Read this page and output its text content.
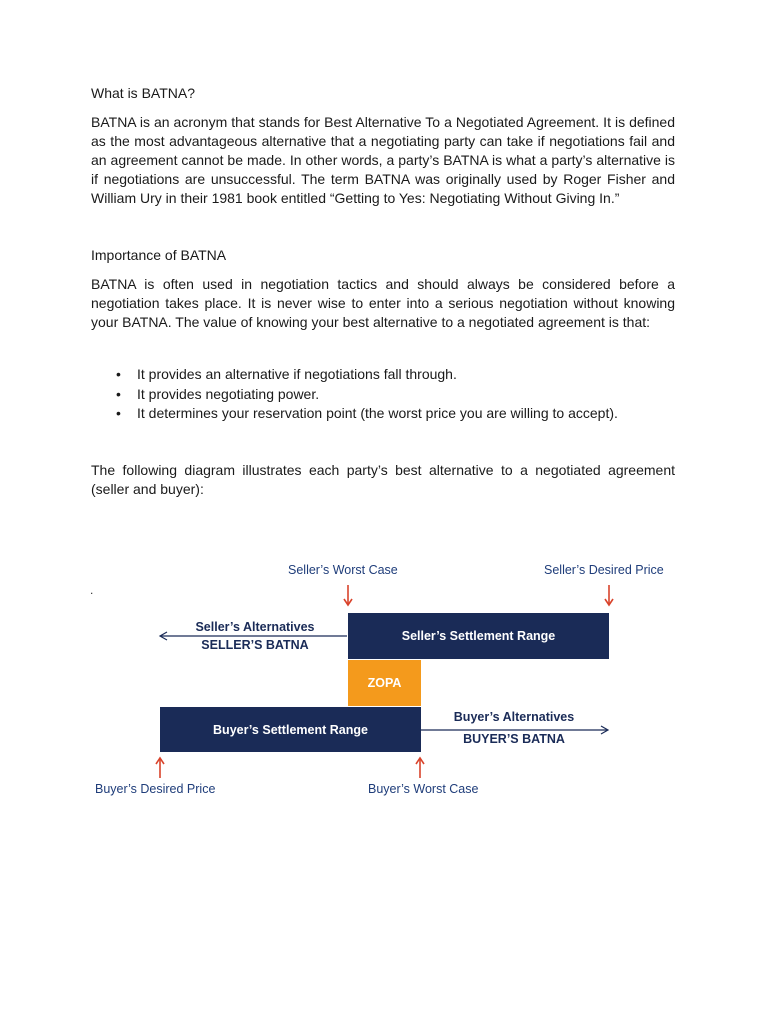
What is BATNA?

BATNA is an acronym that stands for Best Alternative To a Negotiated Agreement. It is defined as the most advantageous alternative that a negotiating party can take if negotiations fail and an agreement cannot be made. In other words, a party’s BATNA is what a party’s alternative is if negotiations are unsuccessful. The term BATNA was originally used by Roger Fisher and William Ury in their 1981 book entitled “Getting to Yes: Negotiating Without Giving In.”

Importance of BATNA

BATNA is often used in negotiation tactics and should always be considered before a negotiation takes place. It is never wise to enter into a serious negotiation without knowing your BATNA. The value of knowing your best alternative to a negotiated agreement is that:

• It provides an alternative if negotiations fall through.
• It provides negotiating power.
• It determines your reservation point (the worst price you are willing to accept).

The following diagram illustrates each party’s best alternative to a negotiated agreement (seller and buyer):

.
Seller’s Worst Case	Seller’s Desired Price
Seller’s Alternatives
SELLER’S BATNA
Seller’s Settlement Range
ZOPA
Buyer’s Settlement Range
Buyer’s Alternatives
BUYER’S BATNA
Buyer’s Desired Price	Buyer’s Worst Case
